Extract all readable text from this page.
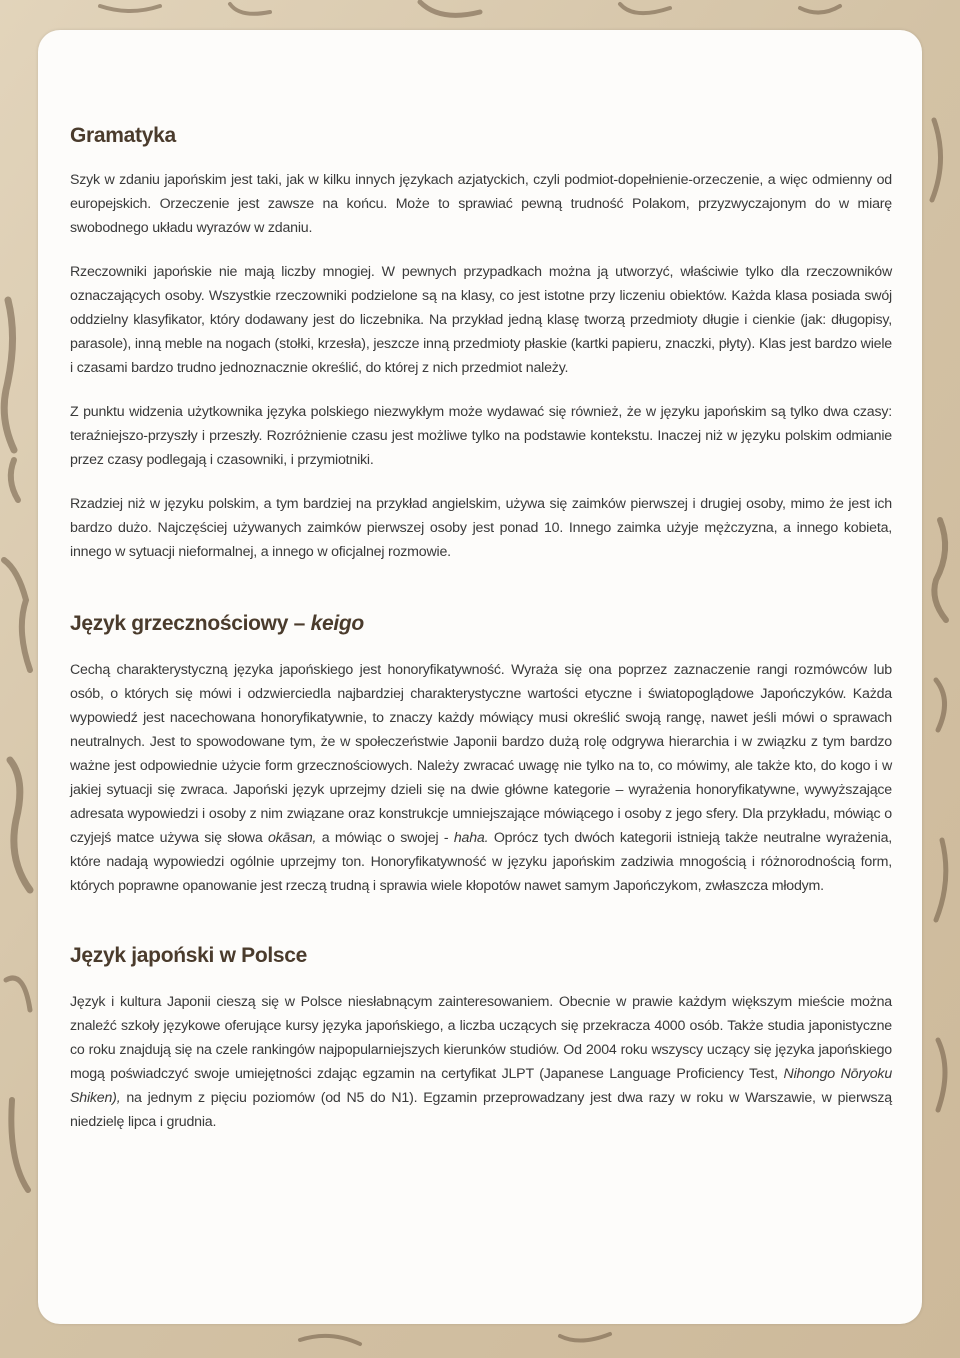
Gramatyka

Szyk w zdaniu japońskim jest taki, jak w kilku innych językach azjatyckich, czyli podmiot-dopełnienie-orzeczenie, a więc odmienny od europejskich. Orzeczenie jest zawsze na końcu. Może to sprawiać pewną trudność Polakom, przyzwyczajonym do w miarę swobodnego układu wyrazów w zdaniu.

Rzeczowniki japońskie nie mają liczby mnogiej. W pewnych przypadkach można ją utworzyć, właściwie tylko dla rzeczowników oznaczających osoby. Wszystkie rzeczowniki podzielone są na klasy, co jest istotne przy liczeniu obiektów. Każda klasa posiada swój oddzielny klasyfikator, który dodawany jest do liczebnika. Na przykład jedną klasę tworzą przedmioty długie i cienkie (jak: długopisy, parasole), inną meble na nogach (stołki, krzesła), jeszcze inną przedmioty płaskie (kartki papieru, znaczki, płyty). Klas jest bardzo wiele i czasami bardzo trudno jednoznacznie określić, do której z nich przedmiot należy.

Z punktu widzenia użytkownika języka polskiego niezwykłym może wydawać się również, że w języku japońskim są tylko dwa czasy: teraźniejszo-przyszły i przeszły. Rozróżnienie czasu jest możliwe tylko na podstawie kontekstu. Inaczej niż w języku polskim odmianie przez czasy podlegają i czasowniki, i przymiotniki.

Rzadziej niż w języku polskim, a tym bardziej na przykład angielskim, używa się zaimków pierwszej i drugiej osoby, mimo że jest ich bardzo dużo. Najczęściej używanych zaimków pierwszej osoby jest ponad 10. Innego zaimka użyje mężczyzna, a innego kobieta, innego w sytuacji nieformalnej, a innego w oficjalnej rozmowie.

Język grzecznościowy – keigo

Cechą charakterystyczną języka japońskiego jest honoryfikatywność. Wyraża się ona poprzez zaznaczenie rangi rozmówców lub osób, o których się mówi i odzwierciedla najbardziej charakterystyczne wartości etyczne i światopoglądowe Japończyków. Każda wypowiedź jest nacechowana honoryfikatywnie, to znaczy każdy mówiący musi określić swoją rangę, nawet jeśli mówi o sprawach neutralnych. Jest to spowodowane tym, że w społeczeństwie Japonii bardzo dużą rolę odgrywa hierarchia i w związku z tym bardzo ważne jest odpowiednie użycie form grzecznościowych. Należy zwracać uwagę nie tylko na to, co mówimy, ale także kto, do kogo i w jakiej sytuacji się zwraca. Japoński język uprzejmy dzieli się na dwie główne kategorie – wyrażenia honoryfikatywne, wywyższające adresata wypowiedzi i osoby z nim związane oraz konstrukcje umniejszające mówiącego i osoby z jego sfery. Dla przykładu, mówiąc o czyjejś matce używa się słowa okāsan, a mówiąc o swojej - haha. Oprócz tych dwóch kategorii istnieją także neutralne wyrażenia, które nadają wypowiedzi ogólnie uprzejmy ton. Honoryfikatywność w języku japońskim zadziwia mnogością i różnorodnością form, których poprawne opanowanie jest rzeczą trudną i sprawia wiele kłopotów nawet samym Japończykom, zwłaszcza młodym.

Język japoński w Polsce

Język i kultura Japonii cieszą się w Polsce niesłabnącym zainteresowaniem. Obecnie w prawie każdym większym mieście można znaleźć szkoły językowe oferujące kursy języka japońskiego, a liczba uczących się przekracza 4000 osób. Także studia japonistyczne co roku znajdują się na czele rankingów najpopularniejszych kierunków studiów. Od 2004 roku wszyscy uczący się języka japońskiego mogą poświadczyć swoje umiejętności zdając egzamin na certyfikat JLPT (Japanese Language Proficiency Test, Nihongo Nōryoku Shiken), na jednym z pięciu poziomów (od N5 do N1). Egzamin przeprowadzany jest dwa razy w roku w Warszawie, w pierwszą niedzielę lipca i grudnia.
